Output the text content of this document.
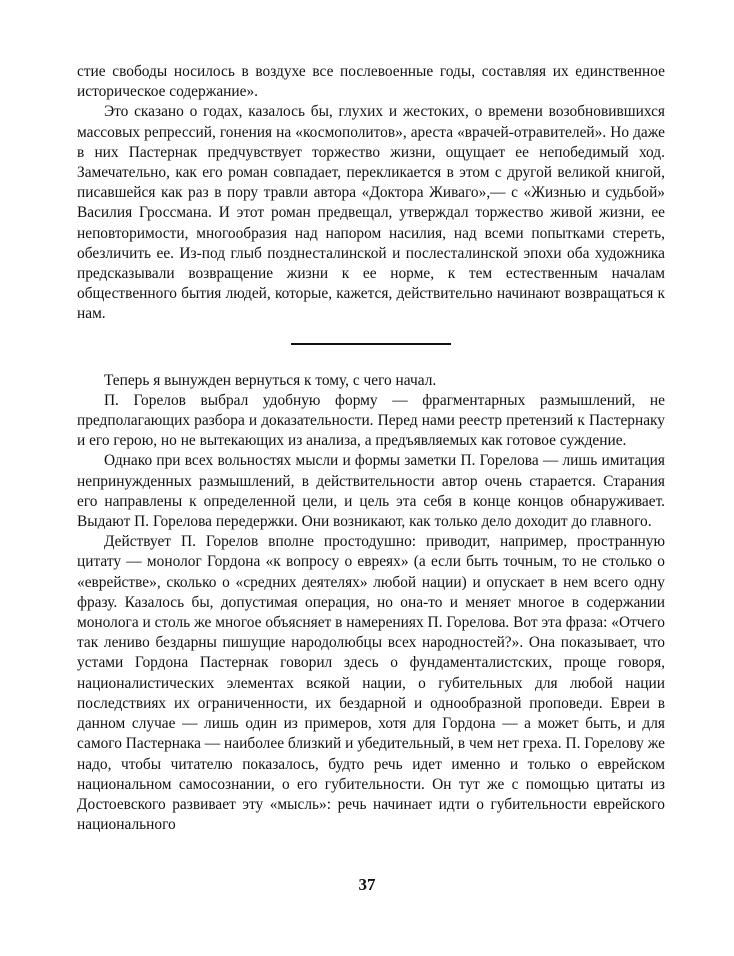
стие свободы носилось в воздухе все послевоенные годы, составляя их единственное историческое содержание».

Это сказано о годах, казалось бы, глухих и жестоких, о времени возобновившихся массовых репрессий, гонения на «космополитов», ареста «врачей-отравителей». Но даже в них Пастернак предчувствует торжество жизни, ощущает ее непобедимый ход. Замечательно, как его роман совпадает, перекликается в этом с другой великой книгой, писавшейся как раз в пору травли автора «Доктора Живаго»,— с «Жизнью и судьбой» Василия Гроссмана. И этот роман предвещал, утверждал торжество живой жизни, ее неповторимости, многообразия над напором насилия, над всеми попытками стереть, обезличить ее. Из-под глыб позднесталинской и послесталинской эпохи оба художника предсказывали возвращение жизни к ее норме, к тем естественным началам общественного бытия людей, которые, кажется, действительно начинают возвращаться к нам.

Теперь я вынужден вернуться к тому, с чего начал.

П. Горелов выбрал удобную форму — фрагментарных размышлений, не предполагающих разбора и доказательности. Перед нами реестр претензий к Пастернаку и его герою, но не вытекающих из анализа, а предъявляемых как готовое суждение.

Однако при всех вольностях мысли и формы заметки П. Горелова — лишь имитация непринужденных размышлений, в действительности автор очень старается. Старания его направлены к определенной цели, и цель эта себя в конце концов обнаруживает. Выдают П. Горелова передержки. Они возникают, как только дело доходит до главного.

Действует П. Горелов вполне простодушно: приводит, например, пространную цитату — монолог Гордона «к вопросу о евреях» (а если быть точным, то не столько о «еврействе», сколько о «средних деятелях» любой нации) и опускает в нем всего одну фразу. Казалось бы, допустимая операция, но она-то и меняет многое в содержании монолога и столь же многое объясняет в намерениях П. Горелова. Вот эта фраза: «Отчего так лениво бездарны пишущие народолюбцы всех народностей?». Она показывает, что устами Гордона Пастернак говорил здесь о фундаменталистских, проще говоря, националистических элементах всякой нации, о губительных для любой нации последствиях их ограниченности, их бездарной и однообразной проповеди. Евреи в данном случае — лишь один из примеров, хотя для Гордона — а может быть, и для самого Пастернака — наиболее близкий и убедительный, в чем нет греха. П. Горелову же надо, чтобы читателю показалось, будто речь идет именно и только о еврейском национальном самосознании, о его губительности. Он тут же с помощью цитаты из Достоевского развивает эту «мысль»: речь начинает идти о губительности еврейского национального

37
